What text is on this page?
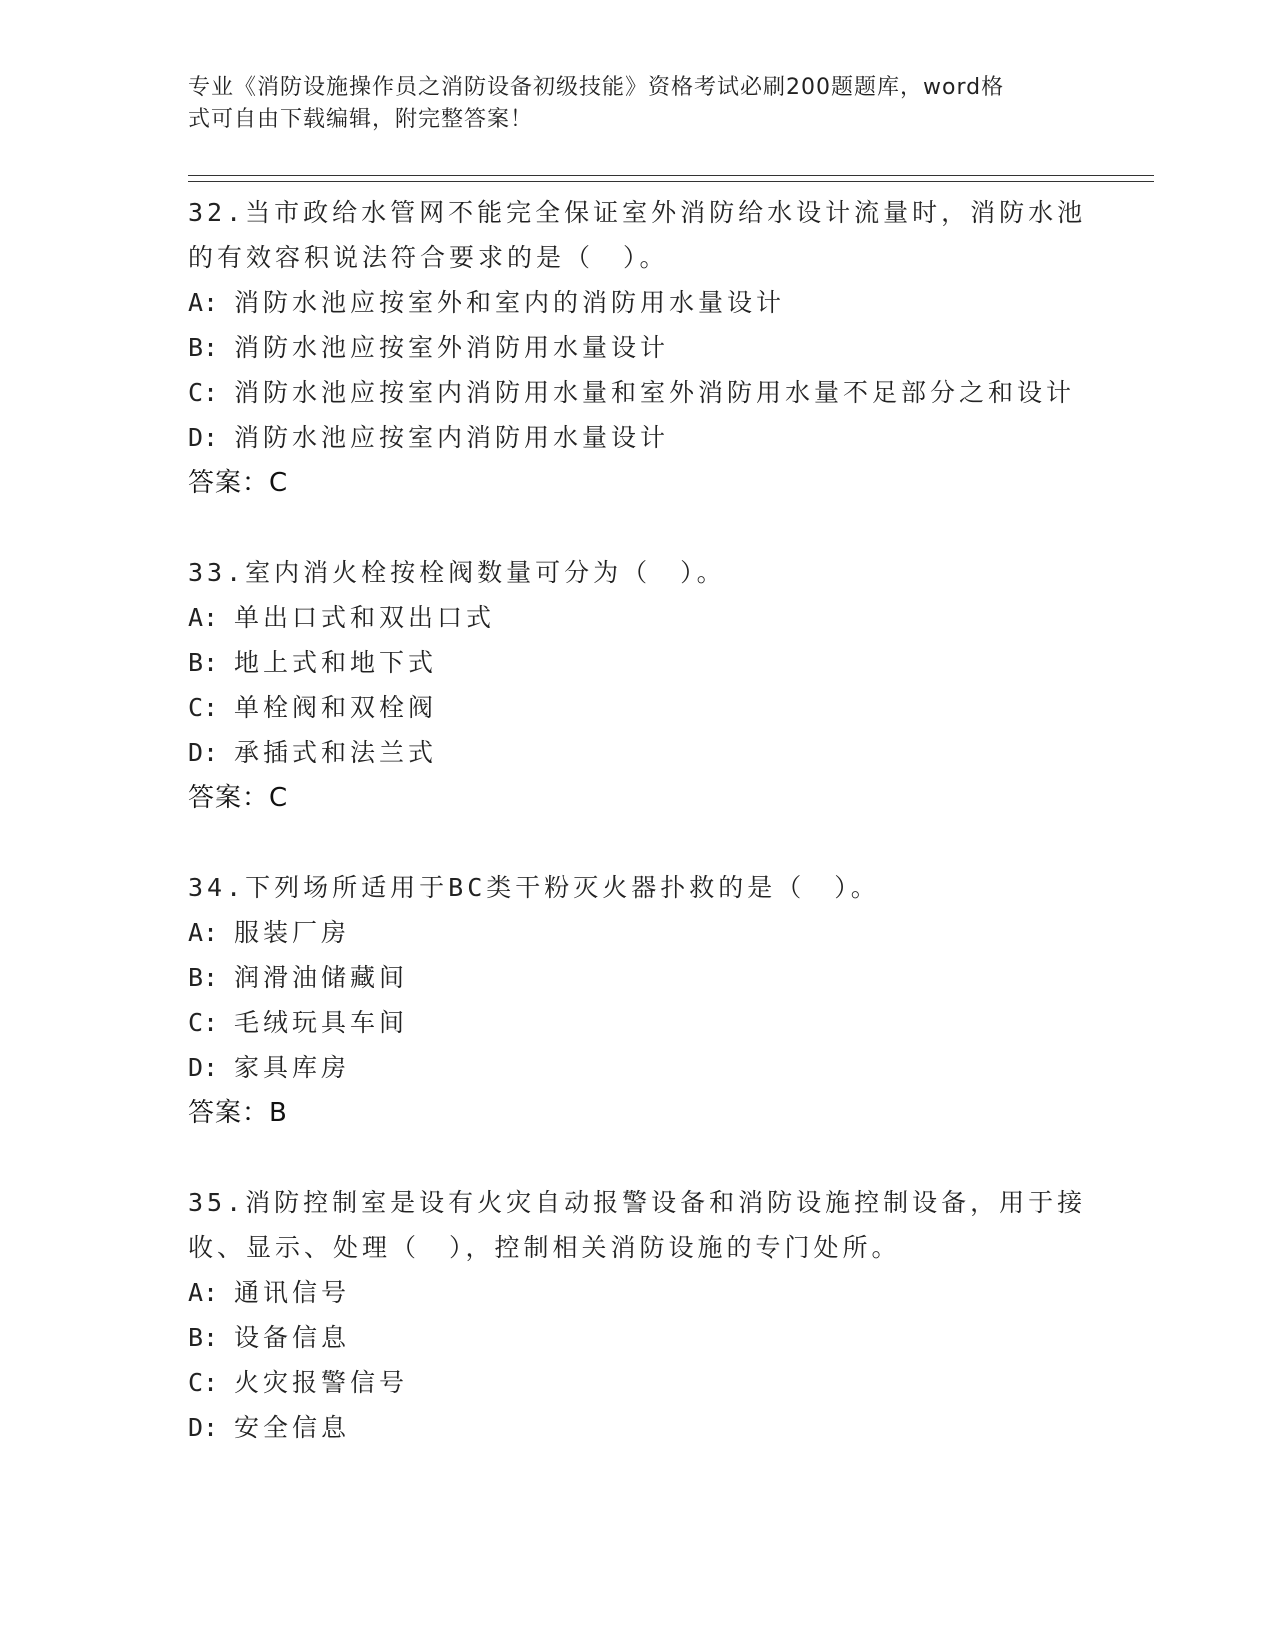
专业《消防设施操作员之消防设备初级技能》资格考试必刷200题题库，word格
式可自由下载编辑，附完整答案！
32.当市政给水管网不能完全保证室外消防给水设计流量时，消防水池
的有效容积说法符合要求的是（　）。
A: 消防水池应按室外和室内的消防用水量设计
B: 消防水池应按室外消防用水量设计
C: 消防水池应按室内消防用水量和室外消防用水量不足部分之和设计
D: 消防水池应按室内消防用水量设计
答案：C
33.室内消火栓按栓阀数量可分为（　）。
A: 单出口式和双出口式
B: 地上式和地下式
C: 单栓阀和双栓阀
D: 承插式和法兰式
答案：C
34.下列场所适用于BC类干粉灭火器扑救的是（　）。
A: 服装厂房
B: 润滑油储藏间
C: 毛绒玩具车间
D: 家具库房
答案：B
35.消防控制室是设有火灾自动报警设备和消防设施控制设备，用于接
收、显示、处理（　），控制相关消防设施的专门处所。
A: 通讯信号
B: 设备信息
C: 火灾报警信号
D: 安全信息
